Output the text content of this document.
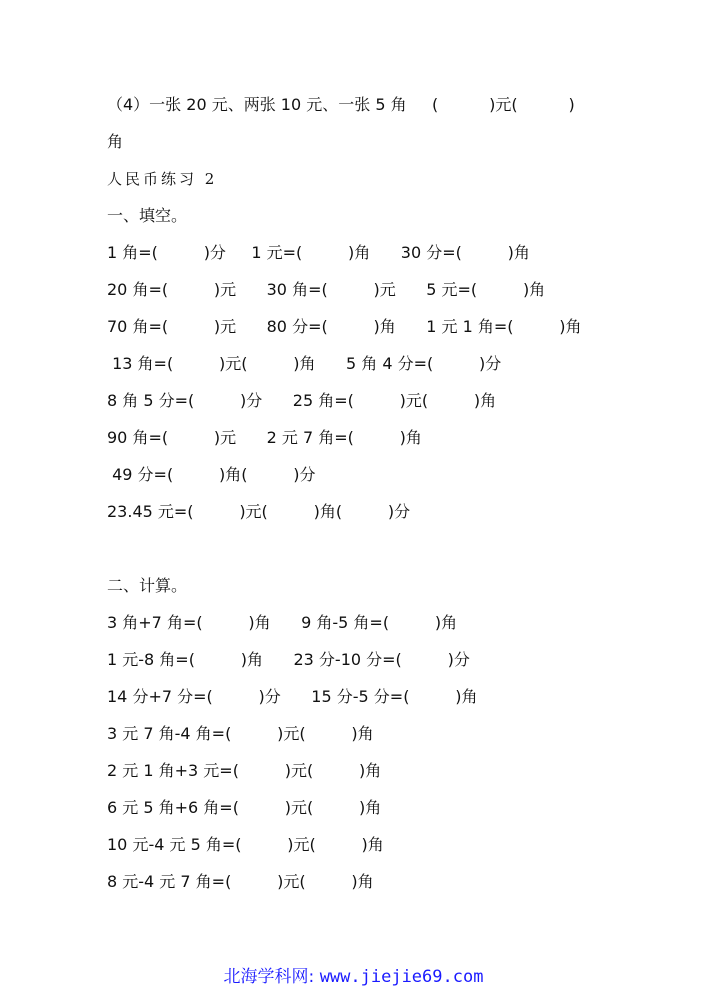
（4）一张 20 元、两张 10 元、一张 5 角     (          )元(          )

角

人民币练习 2

一、填空。

1 角=(         )分     1 元=(         )角      30 分=(         )角

20 角=(         )元      30 角=(         )元      5 元=(         )角

70 角=(         )元      80 分=(         )角      1 元 1 角=(         )角

13 角=(         )元(         )角      5 角 4 分=(         )分

8 角 5 分=(         )分      25 角=(         )元(         )角

90 角=(         )元      2 元 7 角=(         )角

49 分=(         )角(         )分

23.45 元=(         )元(         )角(         )分

二、计算。

3 角+7 角=(         )角      9 角-5 角=(         )角

1 元-8 角=(         )角      23 分-10 分=(         )分

14 分+7 分=(         )分      15 分-5 分=(         )角

3 元 7 角-4 角=(         )元(         )角

2 元 1 角+3 元=(         )元(         )角

6 元 5 角+6 角=(         )元(         )角

10 元-4 元 5 角=(         )元(         )角

8 元-4 元 7 角=(         )元(         )角

北海学科网: www.jiejie69.com
